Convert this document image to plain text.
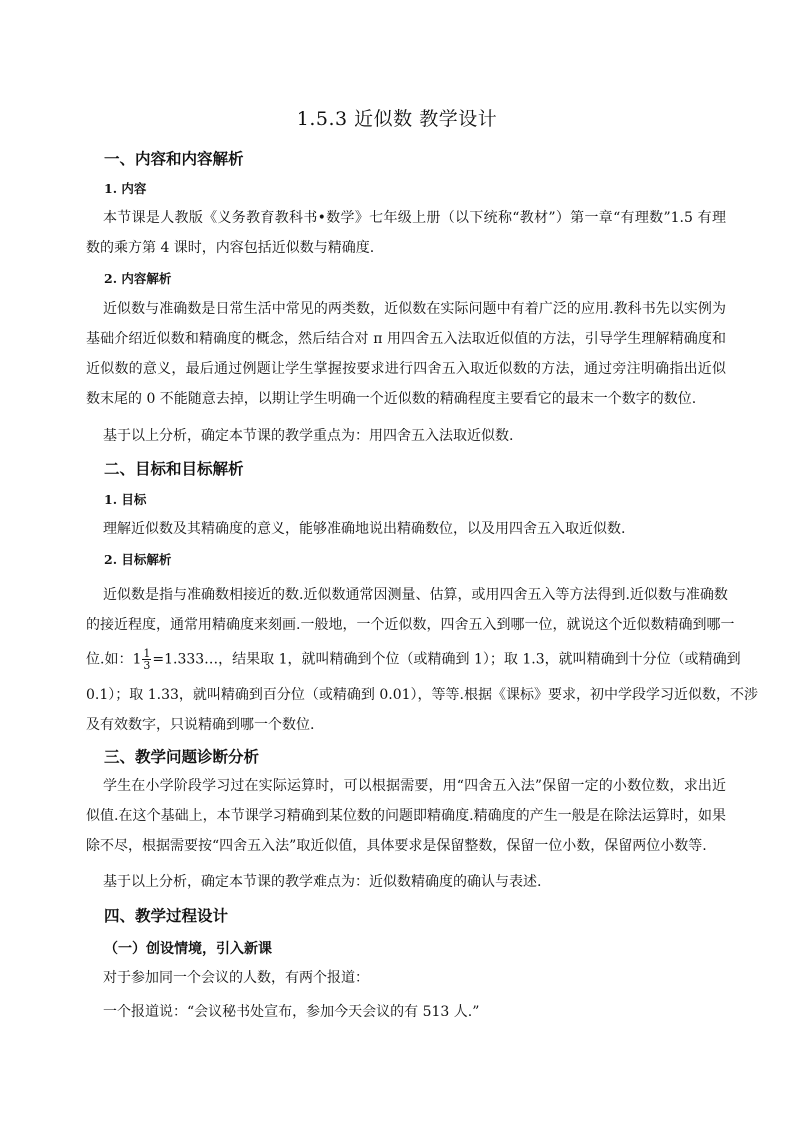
1.5.3 近似数 教学设计
一、内容和内容解析
1. 内容
本节课是人教版《义务教育教科书•数学》七年级上册（以下统称“教材”）第一章“有理数”1.5 有理数的乘方第 4 课时，内容包括近似数与精确度.
2. 内容解析
近似数与准确数是日常生活中常见的两类数，近似数在实际问题中有着广泛的应用.教科书先以实例为基础介绍近似数和精确度的概念，然后结合对 π 用四舍五入法取近似值的方法，引导学生理解精确度和近似数的意义，最后通过例题让学生掌握按要求进行四舍五入取近似数的方法，通过旁注明确指出近似数末尾的 0 不能随意去掉，以期让学生明确一个近似数的精确程度主要看它的最末一个数字的数位.
基于以上分析，确定本节课的教学重点为：用四舍五入法取近似数.
二、目标和目标解析
1. 目标
理解近似数及其精确度的意义，能够准确地说出精确数位，以及用四舍五入取近似数.
2. 目标解析
近似数是指与准确数相接近的数.近似数通常因测量、估算，或用四舍五入等方法得到.近似数与准确数
的接近程度，通常用精确度来刻画.一般地，一个近似数，四舍五入到哪一位，就说这个近似数精确到哪一
位.如：$1 \frac{1}{3}$ =1.333…，结果取 1，就叫精确到个位（或精确到 1）；取 1.3，就叫精确到十分位（或精确到
0.1）；取 1.33，就叫精确到百分位（或精确到 0.01），等等.根据《课标》要求，初中学段学习近似数，不涉
及有效数字，只说精确到哪一个数位.
三、教学问题诊断分析
学生在小学阶段学习过在实际运算时，可以根据需要，用“四舍五入法”保留一定的小数位数，求出近似值.在这个基础上，本节课学习精确到某位数的问题即精确度.精确度的产生一般是在除法运算时，如果除不尽，根据需要按“四舍五入法”取近似值，具体要求是保留整数，保留一位小数，保留两位小数等.
基于以上分析，确定本节课的教学难点为：近似数精确度的确认与表述.
四、教学过程设计
（一）创设情境，引入新课
对于参加同一个会议的人数，有两个报道：
一个报道说：“会议秘书处宣布，参加今天会议的有 513 人.”
